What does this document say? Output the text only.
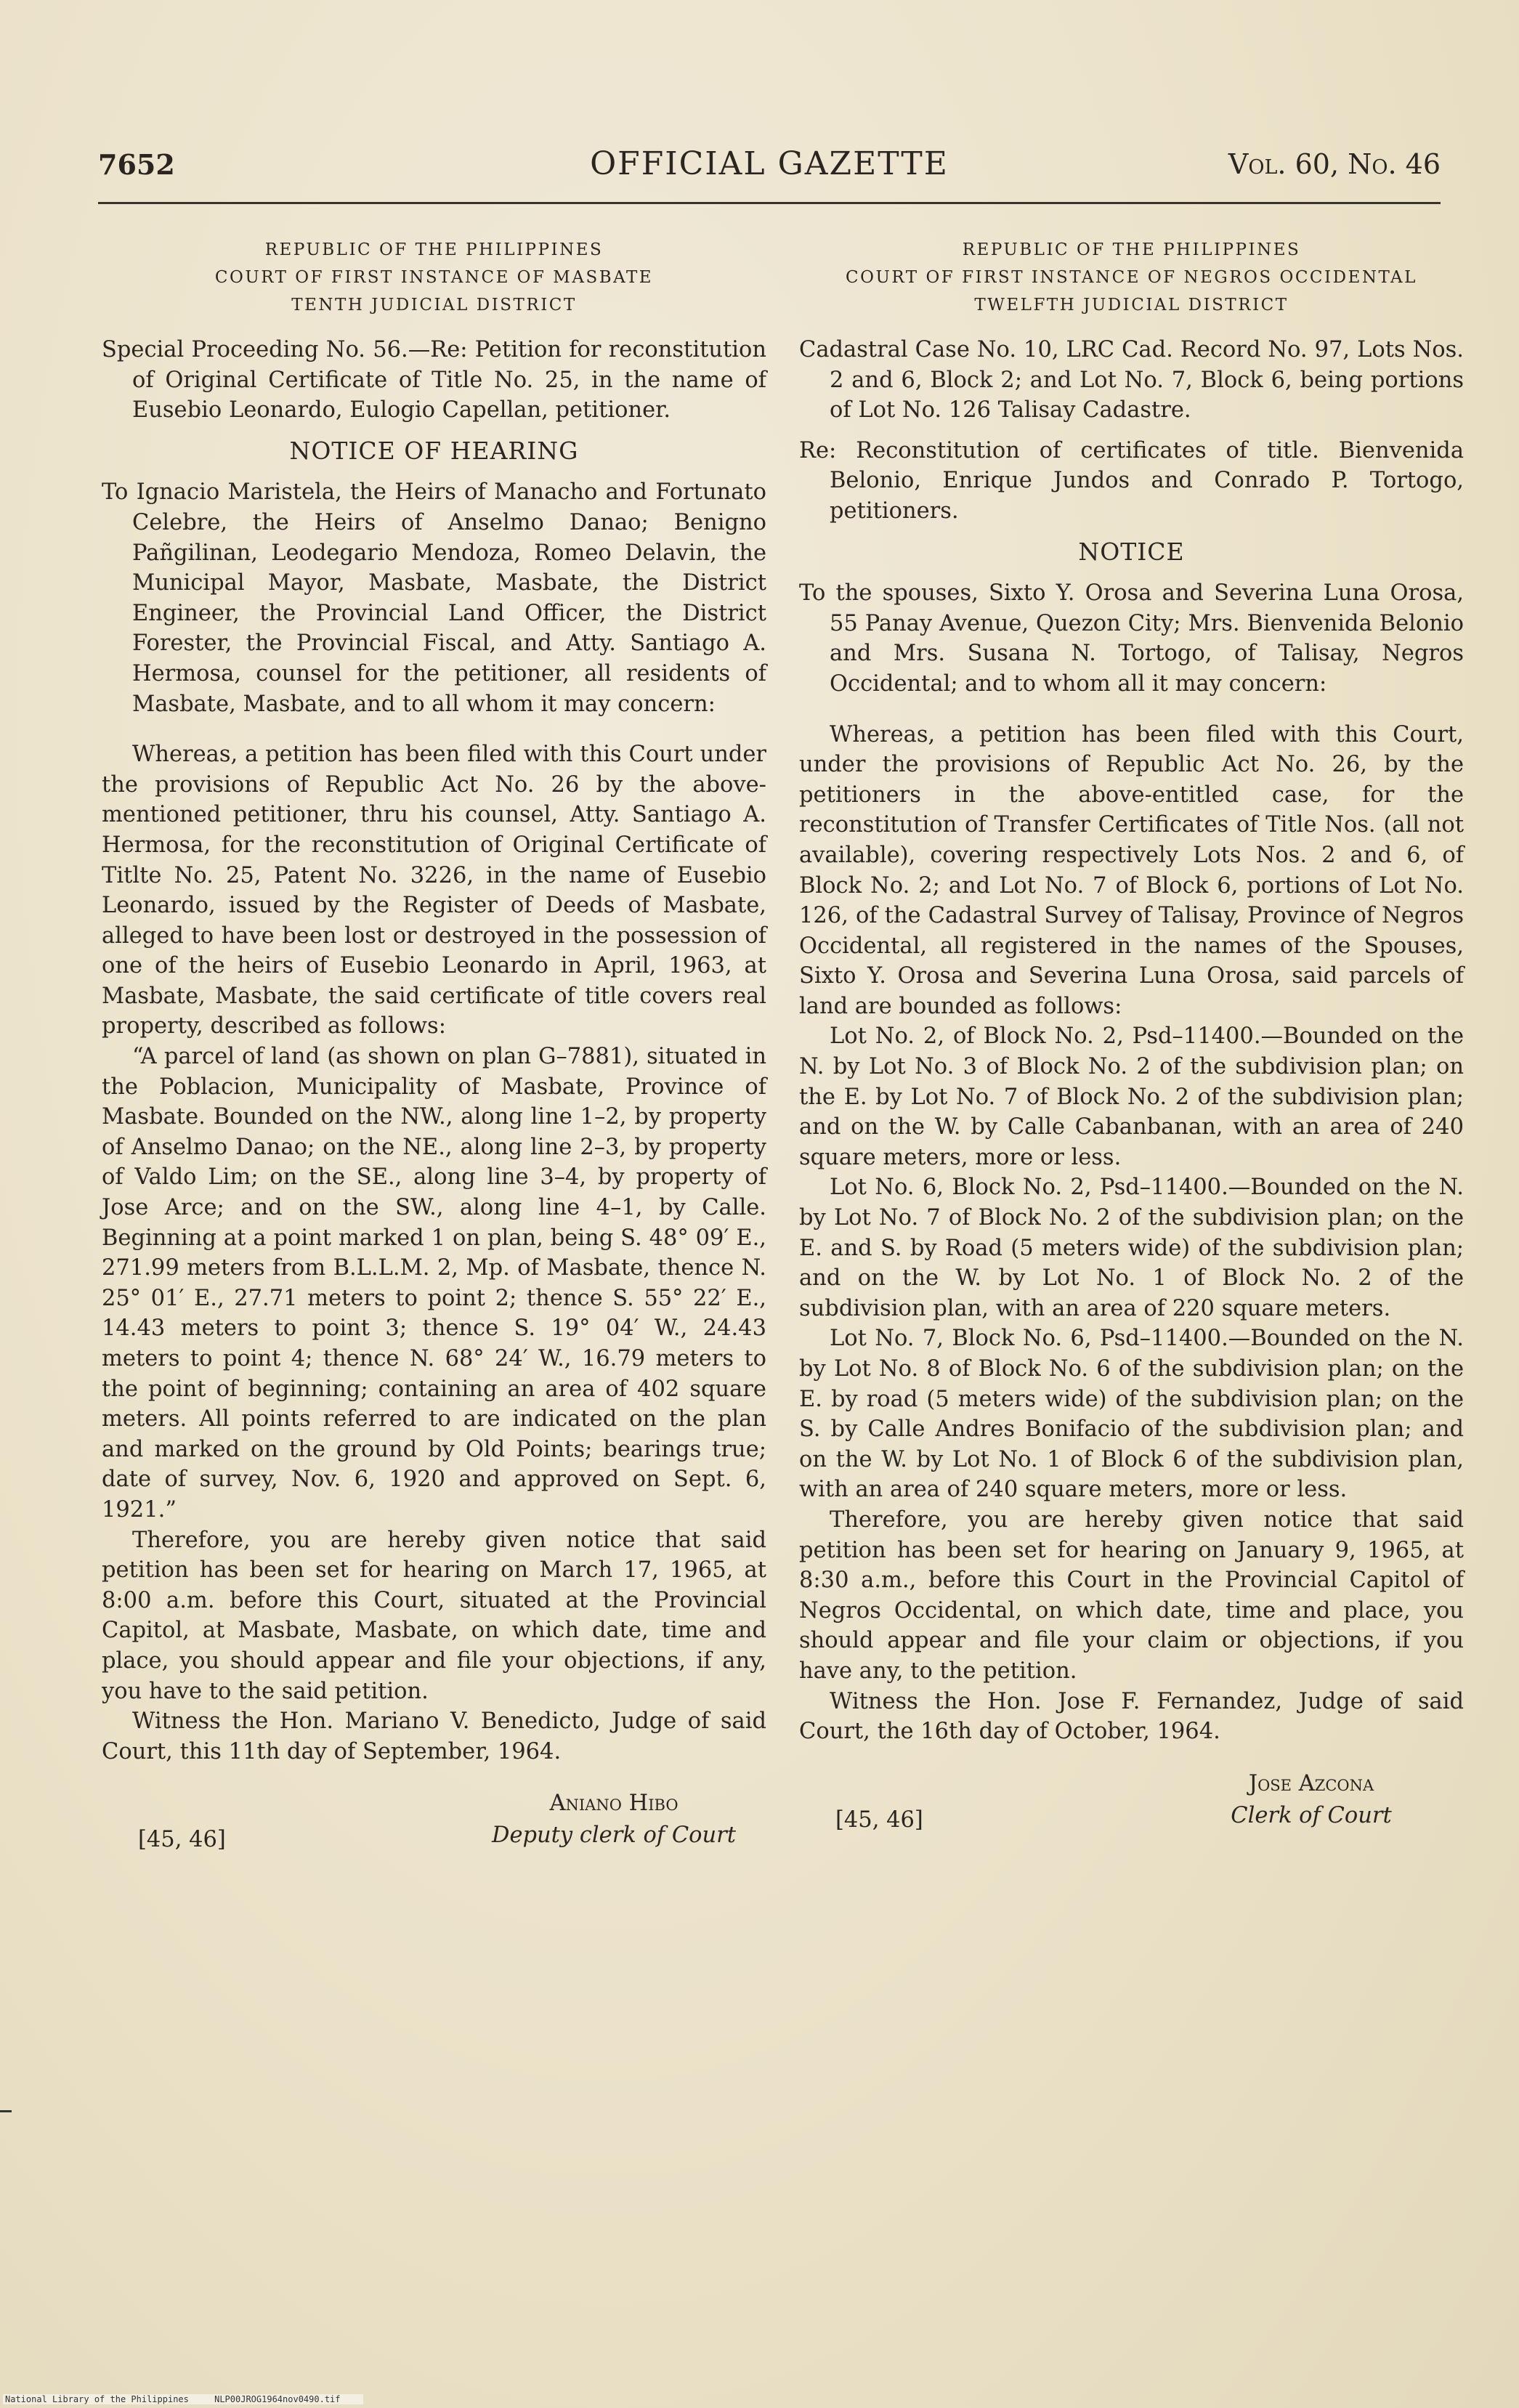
7652	OFFICIAL GAZETTE	Vol. 60, No. 46
REPUBLIC OF THE PHILIPPINES
COURT OF FIRST INSTANCE OF MASBATE
TENTH JUDICIAL DISTRICT

Special Proceeding No. 56.—Re: Petition for reconstitution of Original Certificate of Title No. 25, in the name of Eusebio Leonardo, Eulogio Capellan, petitioner.

NOTICE OF HEARING

To Ignacio Maristela, the Heirs of Manacho and Fortunato Celebre, the Heirs of Anselmo Danao; Benigno Pañgilinan, Leodegario Mendoza, Romeo Delavin, the Municipal Mayor, Masbate, Masbate, the District Engineer, the Provincial Land Officer, the District Forester, the Provincial Fiscal, and Atty. Santiago A. Hermosa, counsel for the petitioner, all residents of Masbate, Masbate, and to all whom it may concern:

Whereas, a petition has been filed with this Court under the provisions of Republic Act No. 26 by the above-mentioned petitioner, thru his counsel, Atty. Santiago A. Hermosa, for the reconstitution of Original Certificate of Titlte No. 25, Patent No. 3226, in the name of Eusebio Leonardo, issued by the Register of Deeds of Masbate, alleged to have been lost or destroyed in the possession of one of the heirs of Eusebio Leonardo in April, 1963, at Masbate, Masbate, the said certificate of title covers real property, described as follows:

“A parcel of land (as shown on plan G–7881), situated in the Poblacion, Municipality of Masbate, Province of Masbate. Bounded on the NW., along line 1–2, by property of Anselmo Danao; on the NE., along line 2–3, by property of Valdo Lim; on the SE., along line 3–4, by property of Jose Arce; and on the SW., along line 4–1, by Calle. Beginning at a point marked 1 on plan, being S. 48° 09′ E., 271.99 meters from B.L.L.M. 2, Mp. of Masbate, thence N. 25° 01′ E., 27.71 meters to point 2; thence S. 55° 22′ E., 14.43 meters to point 3; thence S. 19° 04′ W., 24.43 meters to point 4; thence N. 68° 24′ W., 16.79 meters to the point of beginning; containing an area of 402 square meters. All points referred to are indicated on the plan and marked on the ground by Old Points; bearings true; date of survey, Nov. 6, 1920 and approved on Sept. 6, 1921.”

Therefore, you are hereby given notice that said petition has been set for hearing on March 17, 1965, at 8:00 a.m. before this Court, situated at the Provincial Capitol, at Masbate, Masbate, on which date, time and place, you should appear and file your objections, if any, you have to the said petition.

Witness the Hon. Mariano V. Benedicto, Judge of said Court, this 11th day of September, 1964.

[45, 46]
Aniano Hibo
Deputy clerk of Court
REPUBLIC OF THE PHILIPPINES
COURT OF FIRST INSTANCE OF NEGROS OCCIDENTAL
TWELFTH JUDICIAL DISTRICT

Cadastral Case No. 10, LRC Cad. Record No. 97, Lots Nos. 2 and 6, Block 2; and Lot No. 7, Block 6, being portions of Lot No. 126 Talisay Cadastre.

Re: Reconstitution of certificates of title. Bienvenida Belonio, Enrique Jundos and Conrado P. Tortogo, petitioners.

NOTICE

To the spouses, Sixto Y. Orosa and Severina Luna Orosa, 55 Panay Avenue, Quezon City; Mrs. Bienvenida Belonio and Mrs. Susana N. Tortogo, of Talisay, Negros Occidental; and to whom all it may concern:

Whereas, a petition has been filed with this Court, under the provisions of Republic Act No. 26, by the petitioners in the above-entitled case, for the reconstitution of Transfer Certificates of Title Nos. (all not available), covering respectively Lots Nos. 2 and 6, of Block No. 2; and Lot No. 7 of Block 6, portions of Lot No. 126, of the Cadastral Survey of Talisay, Province of Negros Occidental, all registered in the names of the Spouses, Sixto Y. Orosa and Severina Luna Orosa, said parcels of land are bounded as follows:

Lot No. 2, of Block No. 2, Psd–11400.—Bounded on the N. by Lot No. 3 of Block No. 2 of the subdivision plan; on the E. by Lot No. 7 of Block No. 2 of the subdivision plan; and on the W. by Calle Cabanbanan, with an area of 240 square meters, more or less.

Lot No. 6, Block No. 2, Psd–11400.—Bounded on the N. by Lot No. 7 of Block No. 2 of the subdivision plan; on the E. and S. by Road (5 meters wide) of the subdivision plan; and on the W. by Lot No. 1 of Block No. 2 of the subdivision plan, with an area of 220 square meters.

Lot No. 7, Block No. 6, Psd–11400.—Bounded on the N. by Lot No. 8 of Block No. 6 of the subdivision plan; on the E. by road (5 meters wide) of the subdivision plan; on the S. by Calle Andres Bonifacio of the subdivision plan; and on the W. by Lot No. 1 of Block 6 of the subdivision plan, with an area of 240 square meters, more or less.

Therefore, you are hereby given notice that said petition has been set for hearing on January 9, 1965, at 8:30 a.m., before this Court in the Provincial Capitol of Negros Occidental, on which date, time and place, you should appear and file your claim or objections, if you have any, to the petition.

Witness the Hon. Jose F. Fernandez, Judge of said Court, the 16th day of October, 1964.

[45, 46]
Jose Azcona
Clerk of Court
National Library of the Philippines	NLP00JROG1964nov0490.tif
